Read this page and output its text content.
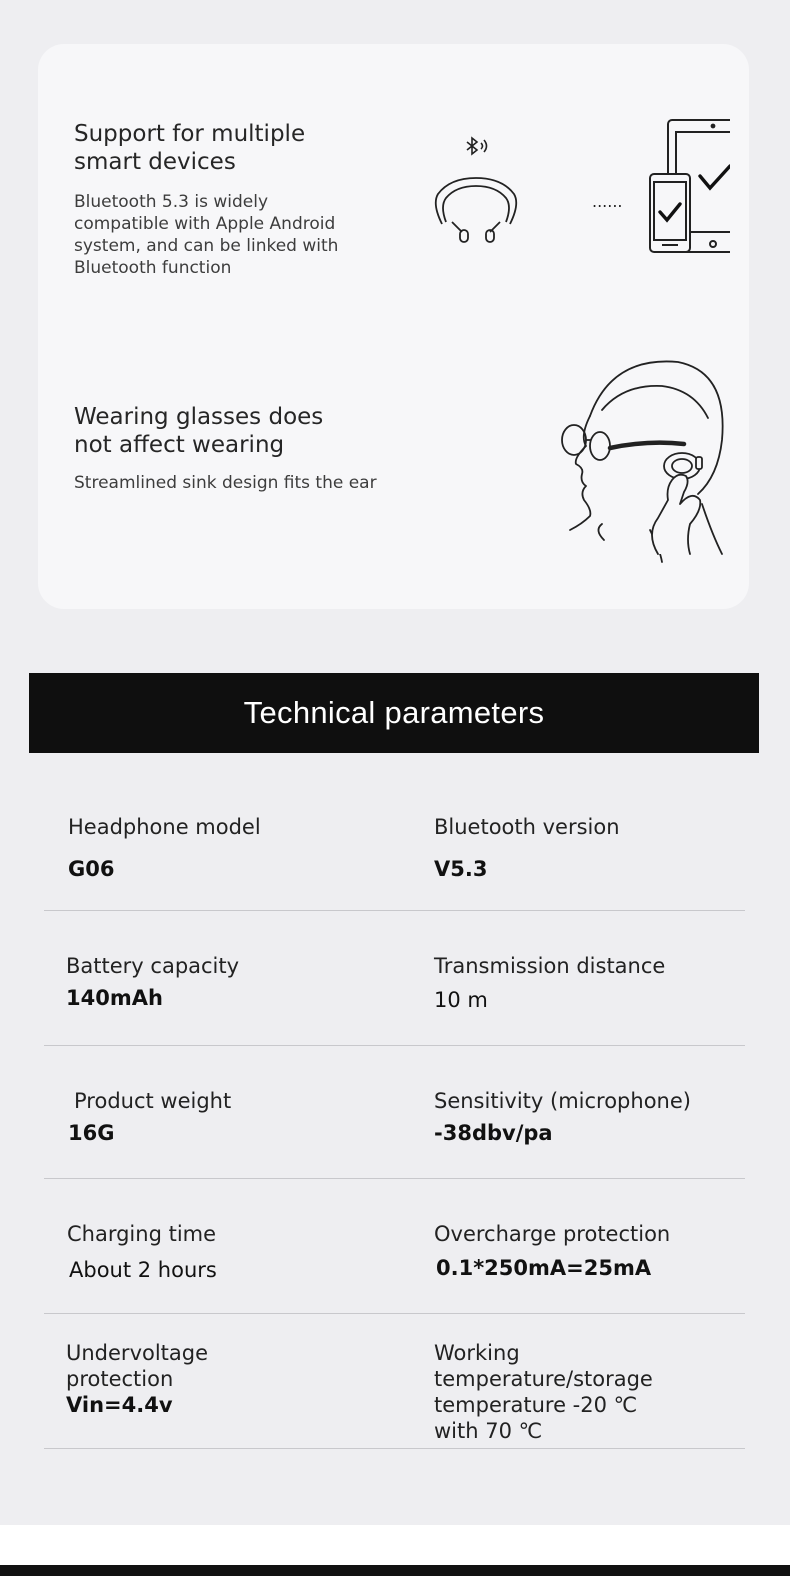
Support for multiple
smart devices

Bluetooth 5.3 is widely
compatible with Apple Android
system, and can be linked with
Bluetooth function

......
Wearing glasses does
not affect wearing

Streamlined sink design fits the ear

Technical parameters

Headphone model

G06

Bluetooth version

V5.3

Battery capacity

140mAh

Transmission distance

10 m

Product weight

16G

Sensitivity (microphone)

-38dbv/pa

Charging time

About 2 hours

Overcharge protection

0.1*250mA=25mA

Undervoltage
protection

Vin=4.4v

Working
temperature/storage
temperature -20 ℃
with 70 ℃
